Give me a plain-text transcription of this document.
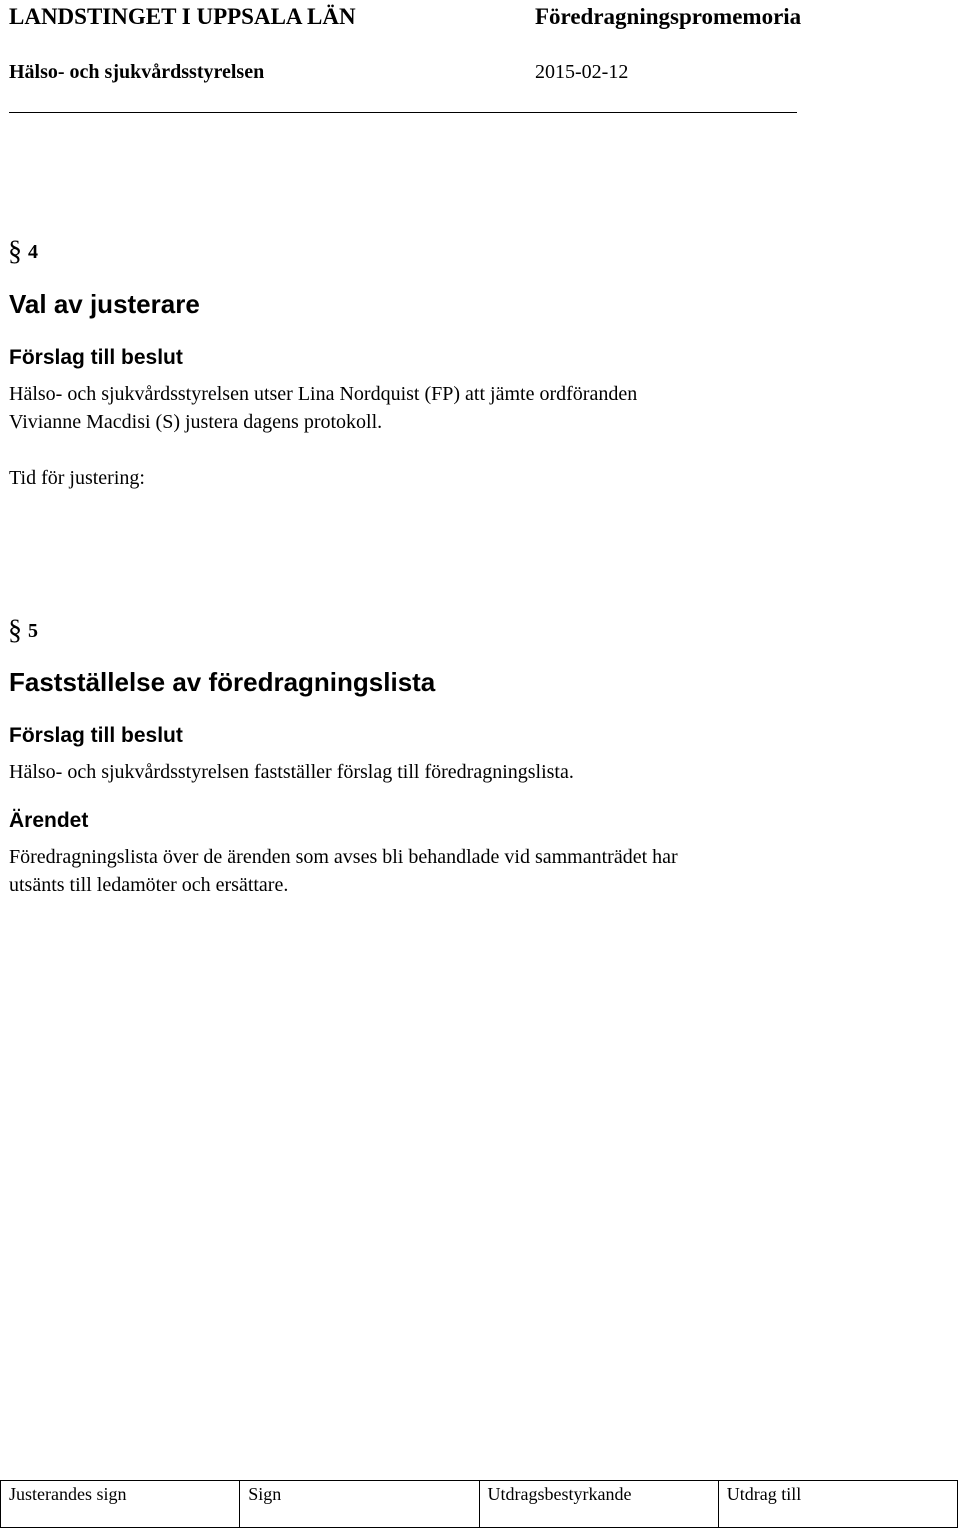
LANDSTINGET I UPPSALA LÄN	Föredragningspromemoria
Hälso- och sjukvårdsstyrelsen	2015-02-12
§ 4
Val av justerare
Förslag till beslut
Hälso- och sjukvårdsstyrelsen utser Lina Nordquist (FP) att jämte ordföranden
Vivianne Macdisi (S) justera dagens protokoll.
Tid för justering:
§ 5
Fastställelse av föredragningslista
Förslag till beslut
Hälso- och sjukvårdsstyrelsen fastställer förslag till föredragningslista.
Ärendet
Föredragningslista över de ärenden som avses bli behandlade vid sammanträdet har
utsänts till ledamöter och ersättare.
Justerandes sign	Sign	Utdragsbestyrkande	Utdrag till
